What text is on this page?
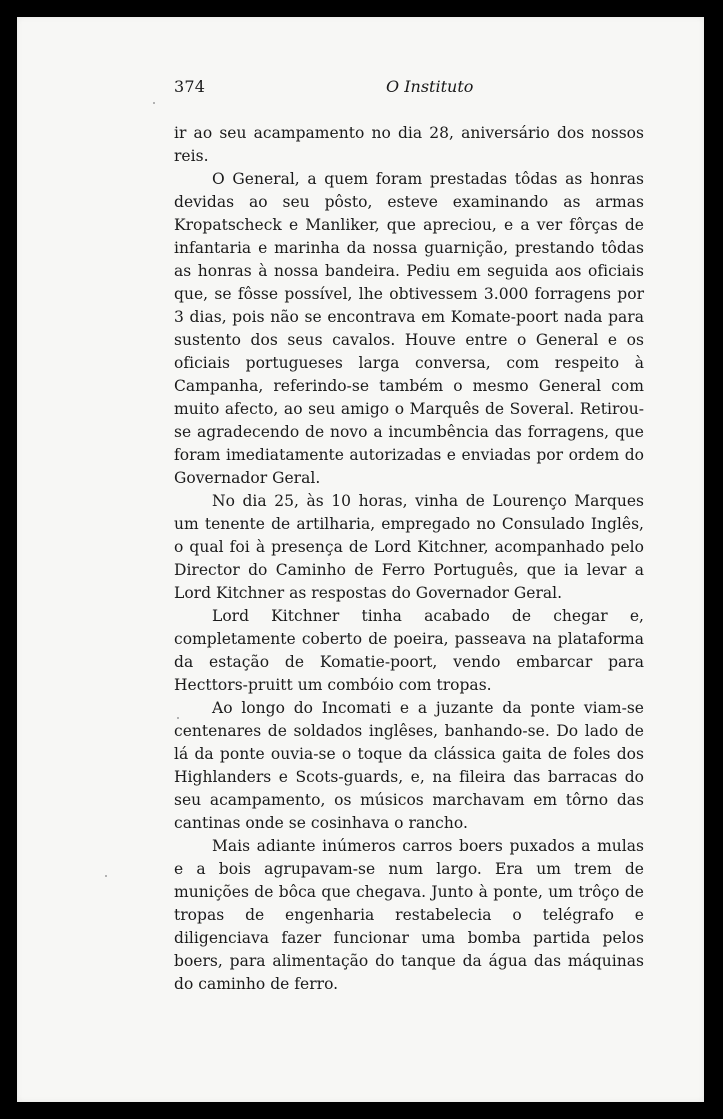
374	O Instituto

ir ao seu acampamento no dia 28, aniversário dos nossos reis.

O General, a quem foram prestadas tôdas as honras devidas ao seu pôsto, esteve examinando as armas Kropatscheck e Manliker, que apreciou, e a ver fôrças de infantaria e marinha da nossa guarnição, prestando tôdas as honras à nossa bandeira. Pediu em seguida aos oficiais que, se fôsse possível, lhe obtivessem 3.000 forragens por 3 dias, pois não se encontrava em Komate-poort nada para sustento dos seus cavalos. Houve entre o General e os oficiais portugueses larga conversa, com respeito à Campanha, referindo-se também o mesmo General com muito afecto, ao seu amigo o Marquês de Soveral. Retirou-se agradecendo de novo a incumbência das forragens, que foram imediatamente autorizadas e enviadas por ordem do Governador Geral.

No dia 25, às 10 horas, vinha de Lourenço Marques um tenente de artilharia, empregado no Consulado Inglês, o qual foi à presença de Lord Kitchner, acompanhado pelo Director do Caminho de Ferro Português, que ia levar a Lord Kitchner as respostas do Governador Geral.

Lord Kitchner tinha acabado de chegar e, completamente coberto de poeira, passeava na plataforma da estação de Komatie-poort, vendo embarcar para Hecttors-pruitt um combóio com tropas.

Ao longo do Incomati e a juzante da ponte viam-se centenares de soldados inglêses, banhando-se. Do lado de lá da ponte ouvia-se o toque da clássica gaita de foles dos Highlanders e Scots-guards, e, na fileira das barracas do seu acampamento, os músicos marchavam em tôrno das cantinas onde se cosinhava o rancho.

Mais adiante inúmeros carros boers puxados a mulas e a bois agrupavam-se num largo. Era um trem de munições de bôca que chegava. Junto à ponte, um trôço de tropas de engenharia restabelecia o telégrafo e diligenciava fazer funcionar uma bomba partida pelos boers, para alimentação do tanque da água das máquinas do caminho de ferro.
